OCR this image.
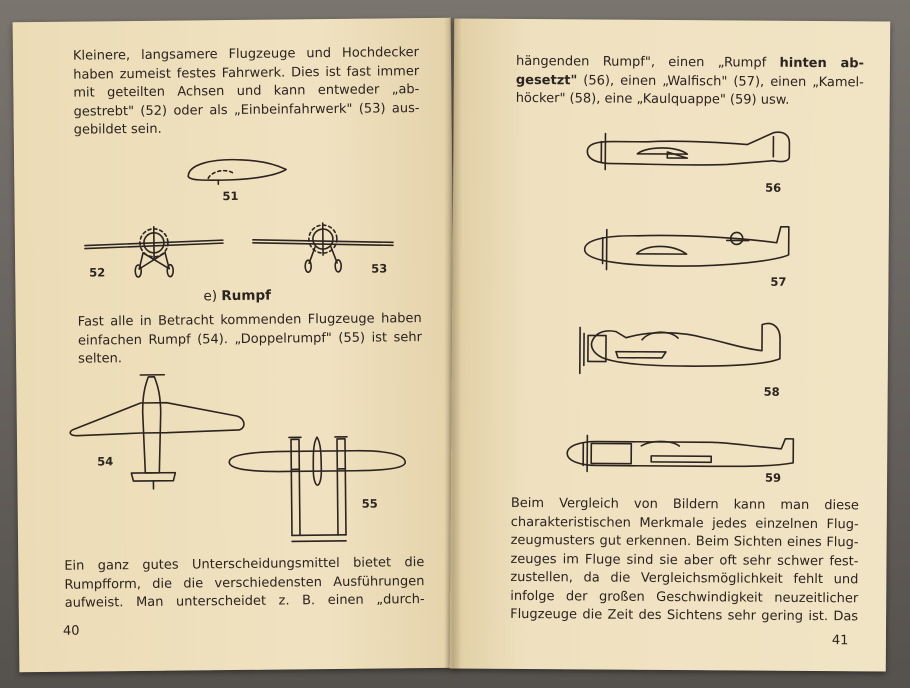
Kleinere, langsamere Flugzeuge und Hochdecker
haben zumeist festes Fahrwerk. Dies ist fast immer
mit geteilten Achsen und kann entweder „ab-
gestrebt" (52) oder als „Einbeinfahrwerk" (53) aus-
gebildet sein.
51
52	53
e) Rumpf
Fast alle in Betracht kommenden Flugzeuge haben
einfachen Rumpf (54). „Doppelrumpf" (55) ist sehr
selten.
54
55
Ein ganz gutes Unterscheidungsmittel bietet die
Rumpfform, die die verschiedensten Ausführungen
aufweist. Man unterscheidet z. B. einen „durch-
40
hängenden Rumpf", einen „Rumpf hinten ab-
gesetzt" (56), einen „Walfisch" (57), einen „Kamel-
höcker" (58), eine „Kaulquappe" (59) usw.
56
57
58
59
Beim Vergleich von Bildern kann man diese
charakteristischen Merkmale jedes einzelnen Flug-
zeugmusters gut erkennen. Beim Sichten eines Flug-
zeuges im Fluge sind sie aber oft sehr schwer fest-
zustellen, da die Vergleichsmöglichkeit fehlt und
infolge der großen Geschwindigkeit neuzeitlicher
Flugzeuge die Zeit des Sichtens sehr gering ist. Das
41
